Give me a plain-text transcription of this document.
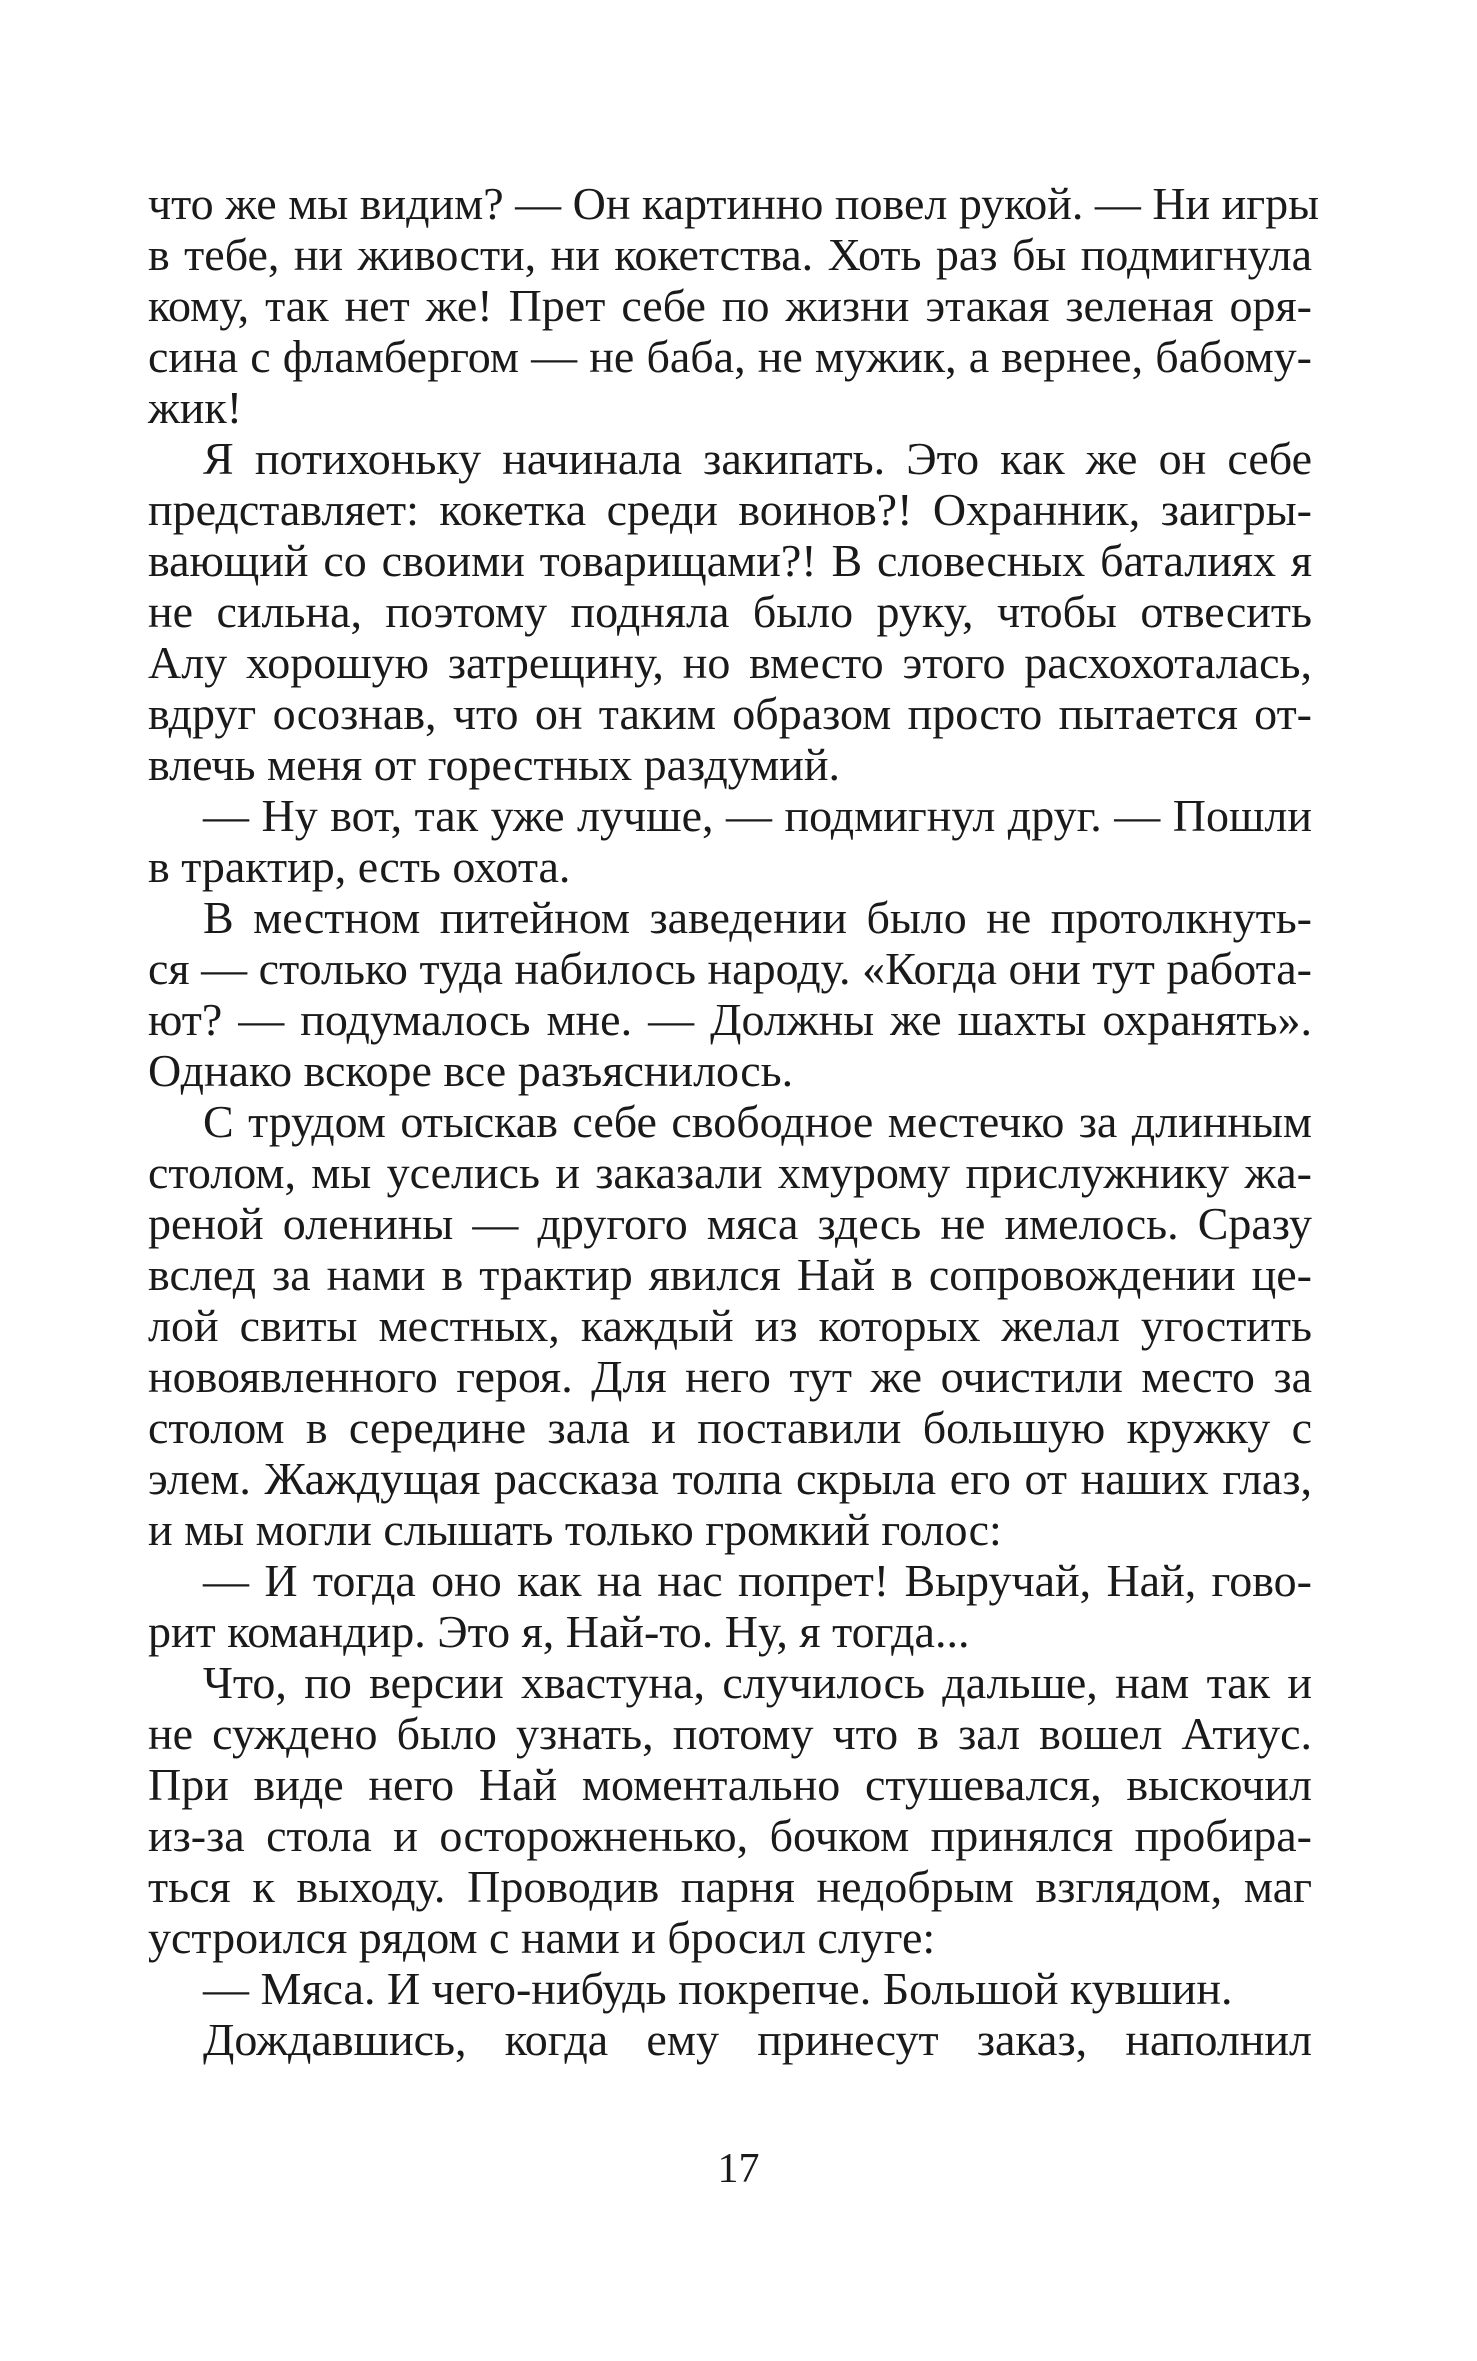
что же мы видим? — Он картинно повел рукой. — Ни игры
в тебе, ни живости, ни кокетства. Хоть раз бы подмигнула
кому, так нет же! Прет себе по жизни этакая зеленая оря-
сина с фламбергом — не баба, не мужик, а вернее, бабому-
жик!
Я потихоньку начинала закипать. Это как же он себе
представляет: кокетка среди воинов?! Охранник, заигры-
вающий со своими товарищами?! В словесных баталиях я
не сильна, поэтому подняла было руку, чтобы отвесить
Алу хорошую затрещину, но вместо этого расхохоталась,
вдруг осознав, что он таким образом просто пытается от-
влечь меня от горестных раздумий.
— Ну вот, так уже лучше, — подмигнул друг. — Пошли
в трактир, есть охота.
В местном питейном заведении было не протолкнуть-
ся — столько туда набилось народу. «Когда они тут работа-
ют? — подумалось мне. — Должны же шахты охранять».
Однако вскоре все разъяснилось.
С трудом отыскав себе свободное местечко за длинным
столом, мы уселись и заказали хмурому прислужнику жа-
реной оленины — другого мяса здесь не имелось. Сразу
вслед за нами в трактир явился Най в сопровождении це-
лой свиты местных, каждый из которых желал угостить
новоявленного героя. Для него тут же очистили место за
столом в середине зала и поставили большую кружку с
элем. Жаждущая рассказа толпа скрыла его от наших глаз,
и мы могли слышать только громкий голос:
— И тогда оно как на нас попрет! Выручай, Най, гово-
рит командир. Это я, Най-то. Ну, я тогда...
Что, по версии хвастуна, случилось дальше, нам так и
не суждено было узнать, потому что в зал вошел Атиус.
При виде него Най моментально стушевался, выскочил
из-за стола и осторожненько, бочком принялся пробира-
ться к выходу. Проводив парня недобрым взглядом, маг
устроился рядом с нами и бросил слуге:
— Мяса. И чего-нибудь покрепче. Большой кувшин.
Дождавшись, когда ему принесут заказ, наполнил
17
